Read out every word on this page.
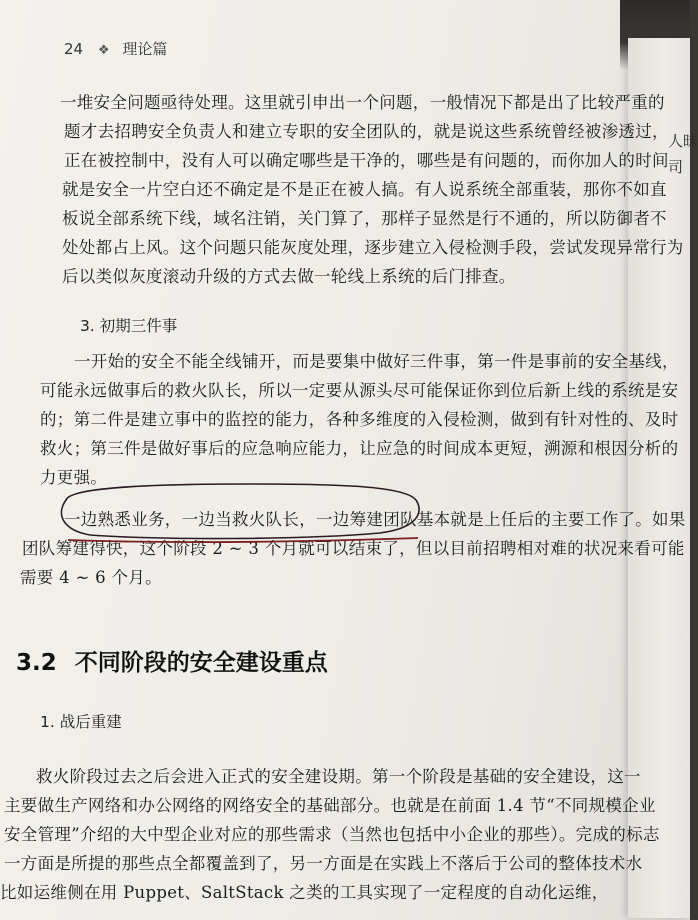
人昧
司
24 ❖ 理论篇
一堆安全问题亟待处理。这里就引申出一个问题，一般情况下都是出了比较严重的
题才去招聘安全负责人和建立专职的安全团队的，就是说这些系统曾经被渗透过，
正在被控制中，没有人可以确定哪些是干净的，哪些是有问题的，而你加人的时间
就是安全一片空白还不确定是不是正在被人搞。有人说系统全部重装，那你不如直
板说全部系统下线，域名注销，关门算了，那样子显然是行不通的，所以防御者不
处处都占上风。这个问题只能灰度处理，逐步建立入侵检测手段，尝试发现异常行为
后以类似灰度滚动升级的方式去做一轮线上系统的后门排查。
3. 初期三件事
一开始的安全不能全线铺开，而是要集中做好三件事，第一件是事前的安全基线，
可能永远做事后的救火队长，所以一定要从源头尽可能保证你到位后新上线的系统是安
的；第二件是建立事中的监控的能力，各种多维度的入侵检测，做到有针对性的、及时
救火；第三件是做好事后的应急响应能力，让应急的时间成本更短，溯源和根因分析的
力更强。
一边熟悉业务，一边当救火队长，一边筹建团队基本就是上任后的主要工作了。如果
团队筹建得快，这个阶段 2 ~ 3 个月就可以结束了，但以目前招聘相对难的状况来看可能
需要 4 ~ 6 个月。
3.2 不同阶段的安全建设重点
1. 战后重建
救火阶段过去之后会进入正式的安全建设期。第一个阶段是基础的安全建设，这一
主要做生产网络和办公网络的网络安全的基础部分。也就是在前面 1.4 节“不同规模企业
安全管理”介绍的大中型企业对应的那些需求（当然也包括中小企业的那些）。完成的标志
一方面是所提的那些点全都覆盖到了，另一方面是在实践上不落后于公司的整体技术水
比如运维侧在用 Puppet、SaltStack 之类的工具实现了一定程度的自动化运维，
